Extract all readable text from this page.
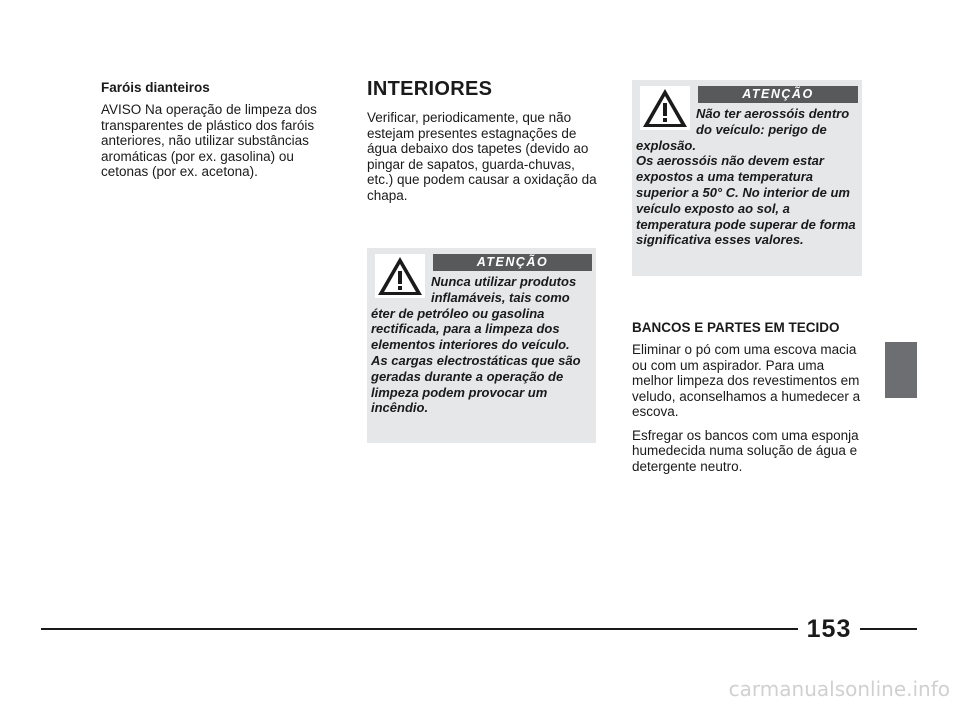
Faróis dianteiros

AVISO Na operação de limpeza dos transparentes de plástico dos faróis anteriores, não utilizar substâncias aromáticas (por ex. gasolina) ou cetonas (por ex. acetona).

INTERIORES

Verificar, periodicamente, que não estejam presentes estagnações de água debaixo dos tapetes (devido ao pingar de sapatos, guarda-chuvas, etc.) que podem causar a oxidação da chapa.

ATENÇÃO

Nunca utilizar produtos inflamáveis, tais como éter de petróleo ou gasolina rectificada, para a limpeza dos elementos interiores do veículo.

As cargas electrostáticas que são geradas durante a operação de limpeza podem provocar um incêndio.

ATENÇÃO

Não ter aerossóis dentro do veículo: perigo de explosão.

Os aerossóis não devem estar expostos a uma temperatura superior a 50° C. No interior de um veículo exposto ao sol, a temperatura pode superar de forma significativa esses valores.

BANCOS E PARTES EM TECIDO

Eliminar o pó com uma escova macia ou com um aspirador. Para uma melhor limpeza dos revestimentos em veludo, aconselhamos a humedecer a escova.

Esfregar os bancos com uma esponja humedecida numa solução de água e detergente neutro.

153
carmanualsonline.info
